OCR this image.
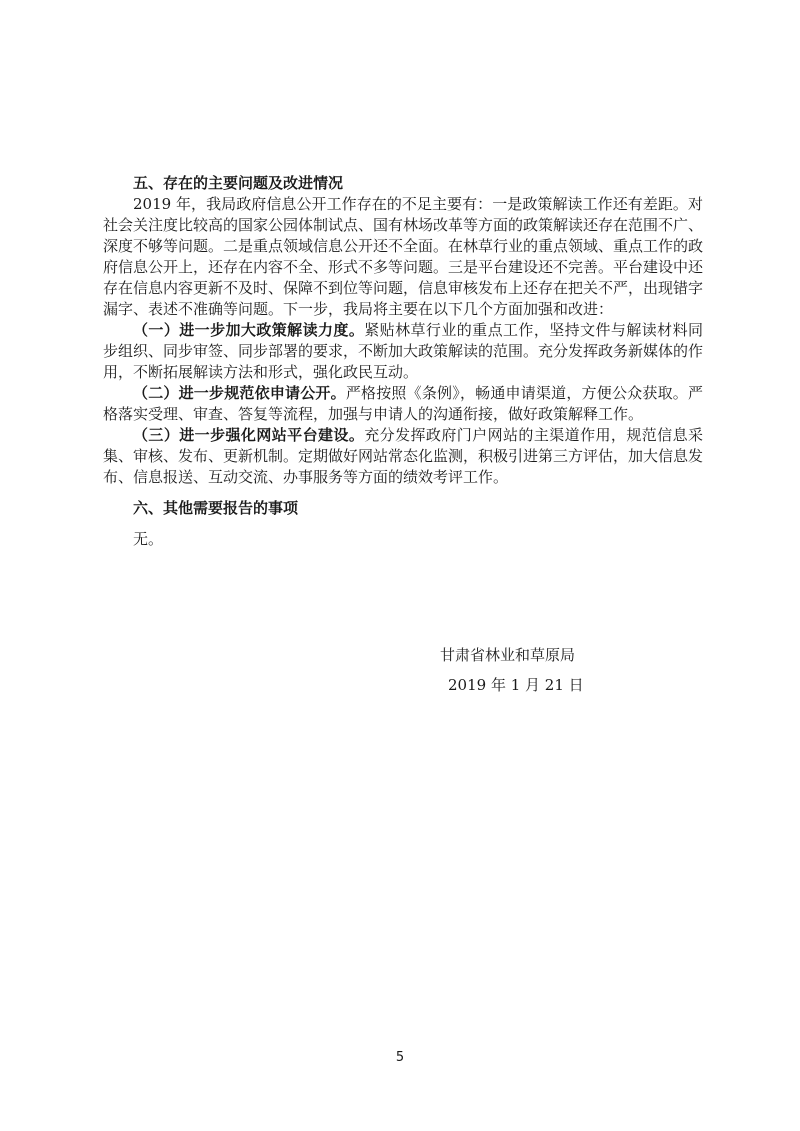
五、存在的主要问题及改进情况

2019 年，我局政府信息公开工作存在的不足主要有：一是政策解读工作还有差距。对社会关注度比较高的国家公园体制试点、国有林场改革等方面的政策解读还存在范围不广、深度不够等问题。二是重点领域信息公开还不全面。在林草行业的重点领域、重点工作的政府信息公开上，还存在内容不全、形式不多等问题。三是平台建设还不完善。平台建设中还存在信息内容更新不及时、保障不到位等问题，信息审核发布上还存在把关不严，出现错字漏字、表述不准确等问题。下一步，我局将主要在以下几个方面加强和改进：

（一）进一步加大政策解读力度。紧贴林草行业的重点工作，坚持文件与解读材料同步组织、同步审签、同步部署的要求，不断加大政策解读的范围。充分发挥政务新媒体的作用，不断拓展解读方法和形式，强化政民互动。

（二）进一步规范依申请公开。严格按照《条例》，畅通申请渠道，方便公众获取。严格落实受理、审查、答复等流程，加强与申请人的沟通衔接，做好政策解释工作。

（三）进一步强化网站平台建设。充分发挥政府门户网站的主渠道作用，规范信息采集、审核、发布、更新机制。定期做好网站常态化监测，积极引进第三方评估，加大信息发布、信息报送、互动交流、办事服务等方面的绩效考评工作。

六、其他需要报告的事项

无。

甘肃省林业和草原局
2019 年 1 月 21 日
5
